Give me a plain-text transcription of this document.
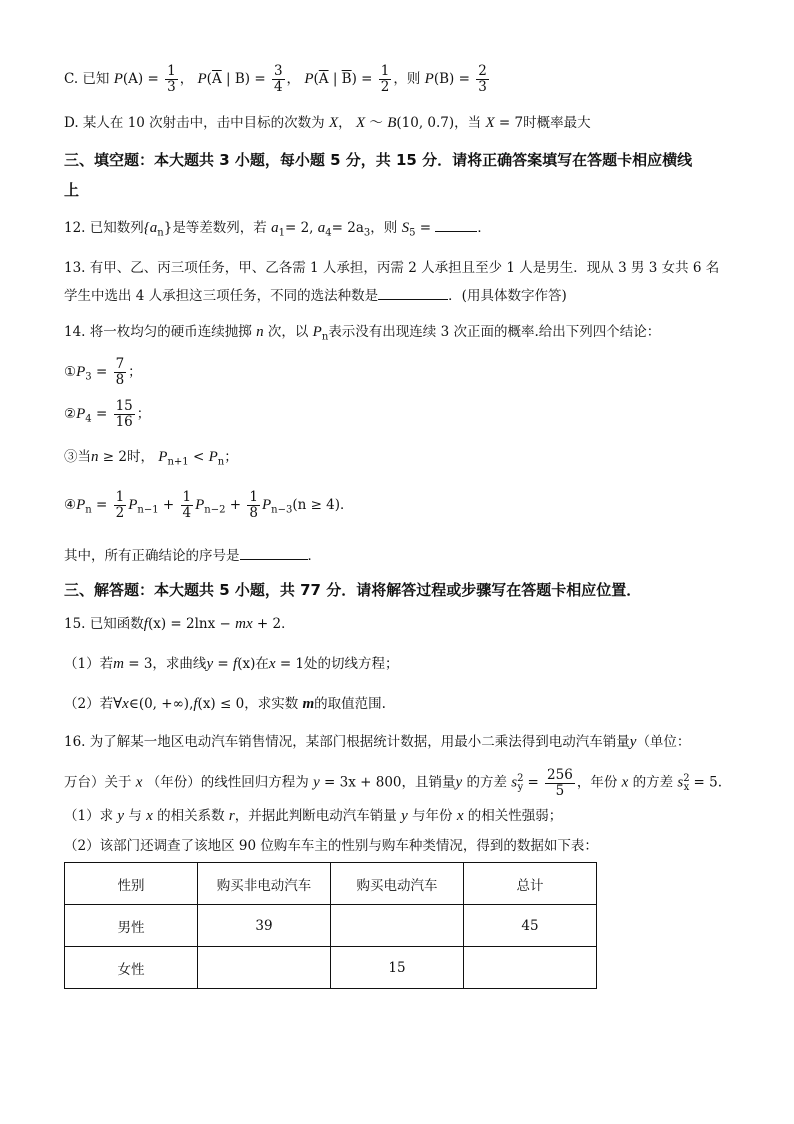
C. 已知 $P(A) = \frac{1}{3}$ ， $P(\overline{A}$ | $B) = \frac{3}{4}$ ， $P(\overline{A}$ | $\overline{B}) = \frac{1}{2}$ ，则 $P(B) = \frac{2}{3}$
D. 某人在 10 次射击中，击中目标的次数为 X， X ～ B(10, 0.7)，当 X = 7时概率最大
三、填空题：本大题共 3 小题，每小题 5 分，共 15 分．请将正确答案填写在答题卡相应横线
上
12. 已知数列$\{a_n\}$是等差数列，若 $a_1= 2$, $a_4= 2a_3$，则 $S_5$ =	．
13. 有甲、乙、丙三项任务，甲、乙各需 1 人承担，丙需 2 人承担且至少 1 人是男生．现从 3 男 3 女共 6 名
学生中选出 4 人承担这三项任务，不同的选法种数是	．(用具体数字作答)
14. 将一枚均匀的硬币连续抛掷 n 次，以 $P_n$表示没有出现连续 3 次正面的概率.给出下列四个结论：
$①P_3 = \frac{7}{8}$ ；
$②P_4 = \frac{15}{16}$ ；
③当n ≥ 2时， $P_{n+1} < P_n$；
$④P_n = \frac{1}{2} P_{n-1} + \frac{1}{4} P_{n-2} + \frac{1}{8} P_{n-3}(n \ge 4)$．
其中，所有正确结论的序号是	．
三、解答题：本大题共 5 小题，共 77 分．请将解答过程或步骤写在答题卡相应位置．
15. 已知函数f(x) = 2lnx − mx + 2．
（1）若m = 3，求曲线y = f(x)在x = 1处的切线方程；
（2）若∀x∈(0, +∞),f(x) ≤ 0，求实数 m的取值范围.
16. 为了解某一地区电动汽车销售情况，某部门根据统计数据，用最小二乘法得到电动汽车销量y（单位：
万台）关于 x （年份）的线性回归方程为 y = 3x + 800，且销量y 的方差 $s^2_y = \frac{256}{5}$ ，年份 x 的方差 $s^2_x = 5$.
（1）求 y 与 x 的相关系数 r，并据此判断电动汽车销量 y 与年份 x 的相关性强弱；
（2）该部门还调查了该地区 90 位购车车主的性别与购车种类情况，得到的数据如下表：
性别	购买非电动汽车	购买电动汽车	总计
男性	39		45
女性		15	
